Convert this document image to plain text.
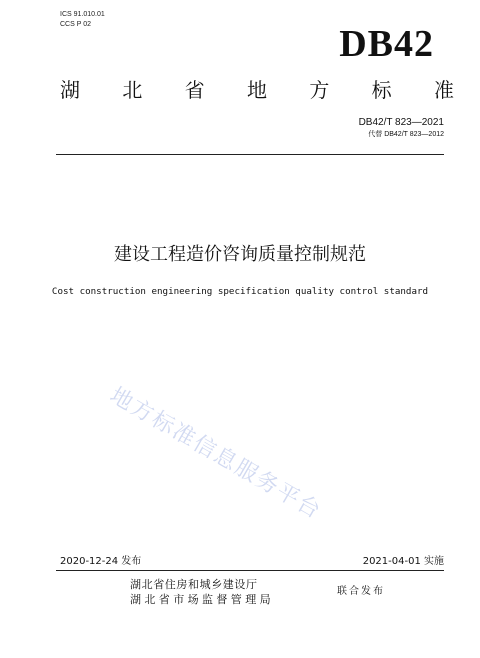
ICS 91.010.01
CCS P 02	DB42
湖 北 省 地 方 标 准
DB42/T 823—2021
代替 DB42/T 823—2012
建设工程造价咨询质量控制规范
Cost construction engineering specification quality control standard
地方标准信息服务平台
2020-12-24 发布	2021-04-01 实施
湖北省住房和城乡建设厅
湖北省市场监督管理局
联合发布
